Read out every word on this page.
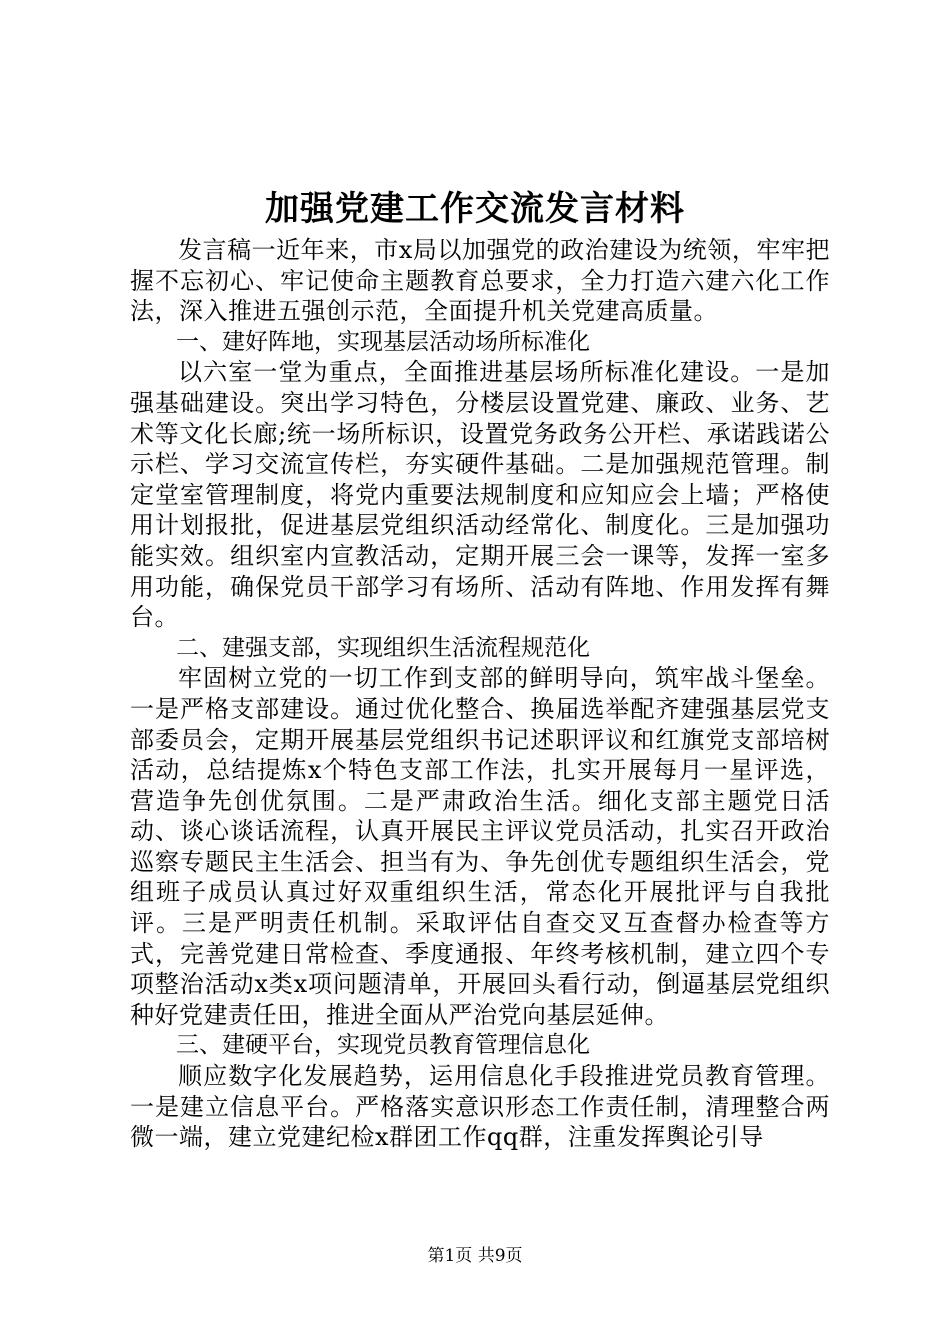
加强党建工作交流发言材料

发言稿一近年来，市x局以加强党的政治建设为统领，牢牢把握不忘初心、牢记使命主题教育总要求，全力打造六建六化工作法，深入推进五强创示范，全面提升机关党建高质量。

一、建好阵地，实现基层活动场所标准化

以六室一堂为重点，全面推进基层场所标准化建设。一是加强基础建设。突出学习特色，分楼层设置党建、廉政、业务、艺术等文化长廊;统一场所标识，设置党务政务公开栏、承诺践诺公示栏、学习交流宣传栏，夯实硬件基础。二是加强规范管理。制定堂室管理制度，将党内重要法规制度和应知应会上墙；严格使用计划报批，促进基层党组织活动经常化、制度化。三是加强功能实效。组织室内宣教活动，定期开展三会一课等，发挥一室多用功能，确保党员干部学习有场所、活动有阵地、作用发挥有舞台。

二、建强支部，实现组织生活流程规范化

牢固树立党的一切工作到支部的鲜明导向，筑牢战斗堡垒。一是严格支部建设。通过优化整合、换届选举配齐建强基层党支部委员会，定期开展基层党组织书记述职评议和红旗党支部培树活动，总结提炼x个特色支部工作法，扎实开展每月一星评选，营造争先创优氛围。二是严肃政治生活。细化支部主题党日活动、谈心谈话流程，认真开展民主评议党员活动，扎实召开政治巡察专题民主生活会、担当有为、争先创优专题组织生活会，党组班子成员认真过好双重组织生活，常态化开展批评与自我批评。三是严明责任机制。采取评估自查交叉互查督办检查等方式，完善党建日常检查、季度通报、年终考核机制，建立四个专项整治活动x类x项问题清单，开展回头看行动，倒逼基层党组织种好党建责任田，推进全面从严治党向基层延伸。

三、建硬平台，实现党员教育管理信息化

顺应数字化发展趋势，运用信息化手段推进党员教育管理。一是建立信息平台。严格落实意识形态工作责任制，清理整合两微一端，建立党建纪检x群团工作qq群，注重发挥舆论引导

第1页 共9页
